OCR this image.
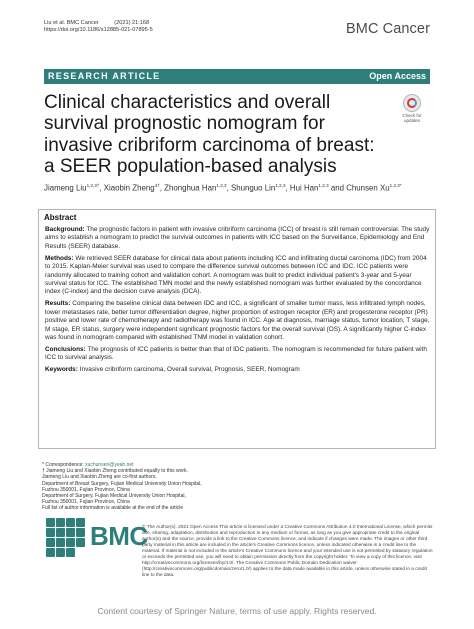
Liu et al. BMC Cancer          (2021) 21:168
https://doi.org/10.1186/s12885-021-07895-5	BMC Cancer
RESEARCH ARTICLE	Open Access
Clinical characteristics and overall survival prognostic nomogram for invasive cribriform carcinoma of breast: a SEER population-based analysis
Check for
updates
Jiameng Liu$^{1,2,3\dagger}$, Xiaobin Zheng$^{4\dagger}$, Zhonghua Han$^{1,2,3}$, Shunguo Lin$^{1,2,3}$, Hui Han$^{1,2,3}$ and Chunsen $Xu^{1,2,3*}$
Abstract

Background: The prognostic factors in patient with invasive cribriform carcinoma (ICC) of breast is still remain controversial. The study aims to establish a nomogram to predict the survival outcomes in patients with ICC based on the Surveillance, Epidemiology and End Results (SEER) database.

Methods: We retrieved SEER database for clinical data about patients including ICC and infiltrating ductal carcinoma (IDC) from 2004 to 2015. Kaplan-Meier survival was used to compare the difference survival outcomes between ICC and IDC. ICC patients were randomly allocated to training cohort and validation cohort. A nomogram was built to predict individual patient's 3-year and 5-year survival status for ICC. The established TMN model and the newly established nomogram was further evaluated by the concordance index (C-index) and the decision curve analysis (DCA).

Results: Comparing the baseline clinical data between IDC and ICC, a significant of smaller tumor mass, less infiltrated lymph nodes, lower metastases rate, better tumor differentiation degree, higher proportion of estrogen receptor (ER) and progesterone receptor (PR) positive and lower rate of chemotherapy and radiotherapy was found in ICC. Age at diagnosis, marriage status, tumor location, T stage, M stage, ER status, surgery were independent significant prognostic factors for the overall survival (OS). A significantly higher C-index was found in nomogram compared with established TNM model in validation cohort.

Conclusions: The prognosis of ICC patients is better than that of IDC patients. The nomogram is recommended for future patient with ICC to survival analysis.

Keywords: Invasive cribriform carcinoma, Overall survival, Prognosis, SEER, Nomogram

* Correspondence: xuchunsen@yeah.net
† Jiameng Liu and Xiaobin Zheng contributed equally to this work.
Jiameng Liu and Xiaobin Zheng are co-first authors.
Department of Breast Surgery, Fujian Medical University Union Hospital,
Fuzhou 350001, Fujian Province, China
Department of Surgery, Fujian Medical University Union Hospital,
Fuzhou 350001, Fujian Province, China
Full list of author information is available at the end of the article
BMC
© The Author(s). 2021 Open Access This article is licensed under a Creative Commons Attribution 4.0 International License, which permits use, sharing, adaptation, distribution and reproduction in any medium or format, as long as you give appropriate credit to the original author(s) and the source, provide a link to the Creative Commons licence, and indicate if changes were made. The images or other third party material in this article are included in the article's Creative Commons licence, unless indicated otherwise in a credit line to the material. If material is not included in the article's Creative Commons licence and your intended use is not permitted by statutory regulation or exceeds the permitted use, you will need to obtain permission directly from the copyright holder. To view a copy of this licence, visit http://creativecommons.org/licenses/by/4.0/. The Creative Commons Public Domain Dedication waiver (http://creativecommons.org/publicdomain/zero/1.0/) applies to the data made available in this article, unless otherwise stated in a credit line to the data.
Content courtesy of Springer Nature, terms of use apply. Rights reserved.
